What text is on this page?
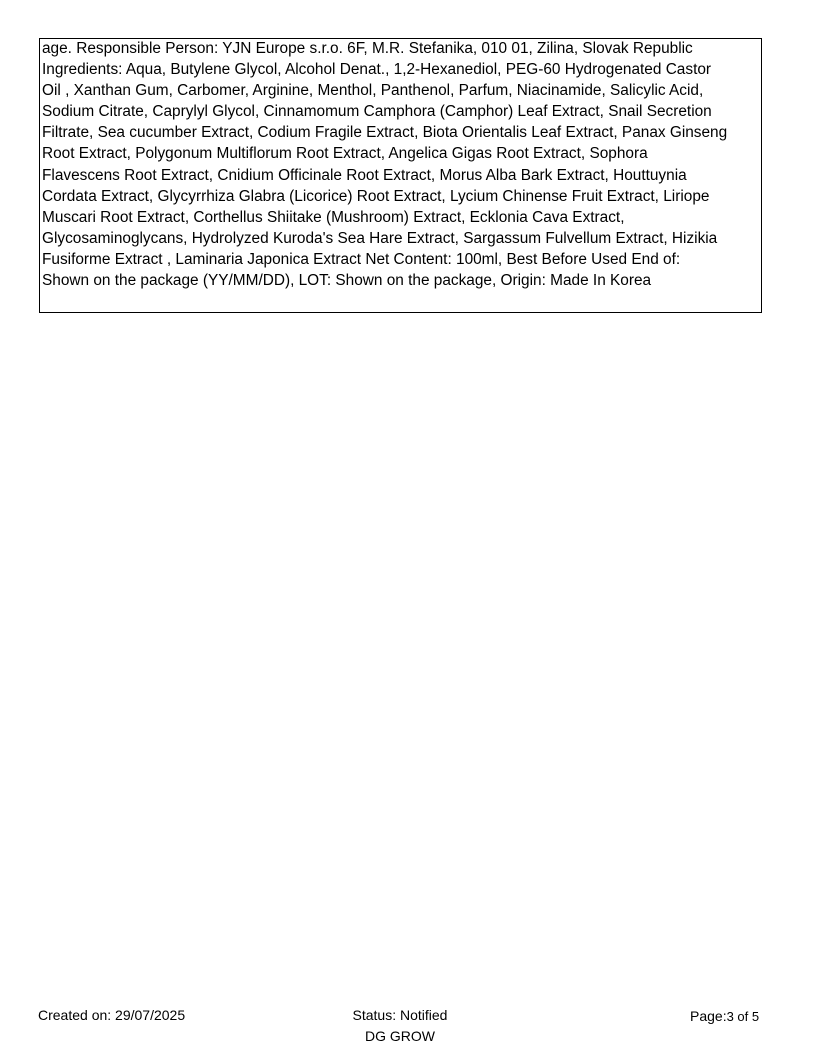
age. Responsible Person: YJN Europe s.r.o. 6F, M.R. Stefanika, 010 01, Zilina, Slovak Republic
Ingredients: Aqua, Butylene Glycol, Alcohol Denat., 1,2-Hexanediol, PEG-60 Hydrogenated Castor
Oil , Xanthan Gum, Carbomer, Arginine, Menthol, Panthenol, Parfum, Niacinamide, Salicylic Acid,
Sodium Citrate, Caprylyl Glycol, Cinnamomum Camphora (Camphor) Leaf Extract, Snail Secretion
Filtrate, Sea cucumber Extract, Codium Fragile Extract, Biota Orientalis Leaf Extract, Panax Ginseng
Root Extract, Polygonum Multiflorum Root Extract, Angelica Gigas Root Extract, Sophora
Flavescens Root Extract, Cnidium Officinale Root Extract, Morus Alba Bark Extract, Houttuynia
Cordata Extract, Glycyrrhiza Glabra (Licorice) Root Extract, Lycium Chinense Fruit Extract, Liriope
Muscari Root Extract, Corthellus Shiitake (Mushroom) Extract, Ecklonia Cava Extract,
Glycosaminoglycans, Hydrolyzed Kuroda's Sea Hare Extract, Sargassum Fulvellum Extract, Hizikia
Fusiforme Extract , Laminaria Japonica Extract Net Content: 100ml, Best Before Used End of:
Shown on the package (YY/MM/DD), LOT: Shown on the package, Origin: Made In Korea
Created on: 29/07/2025	Status: Notified
DG GROW
Page:3 of 5
